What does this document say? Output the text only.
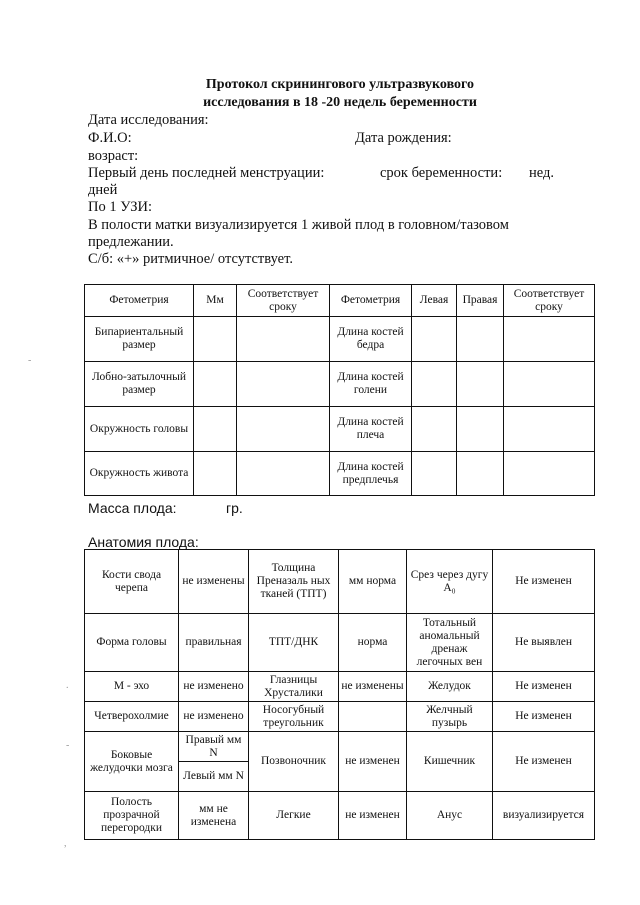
Протокол скринингового ультразвукового
исследования в 18 -20 недель беременности
Дата исследования:
Ф.И.О:	Дата рождения:
возраст:
Первый день последней менструации:	срок беременности: нед.
дней
По 1 УЗИ:
В полости матки визуализируется 1 живой плод в головном/тазовом
предлежании.
С/б: «+» ритмичное/ отсутствует.
Фетометрия	Мм	Соответствует сроку	Фетометрия	Левая	Правая	Соответствует сроку
Бипариентальный размер			Длина костей бедра			
Лобно-затылочный размер			Длина костей голени			
Окружность головы			Длина костей плеча			
Окружность живота			Длина костей предплечья			
Масса плода:	гр.
Анатомия плода:
Кости свода черепа	не изменены	Толщина Преназаль ных тканей (ТПТ)	мм норма	Срез через дугу А₀	Не изменен
Форма головы	правильная	ТПТ/ДНК	норма	Тотальный аномальный дренаж легочных вен	Не выявлен
М - эхо	не изменено	Глазницы Хрусталики	не изменены	Желудок	Не изменен
Четверохолмие	не изменено	Носогубный треугольник		Желчный пузырь	Не изменен
Боковые желудочки мозга	Правый мм N	Позвоночник	не изменен	Кишечник	Не изменен
	Левый мм N				
Полость прозрачной перегородки	мм не изменена	Легкие	не изменен	Анус	визуализируется
-
.
-
,
